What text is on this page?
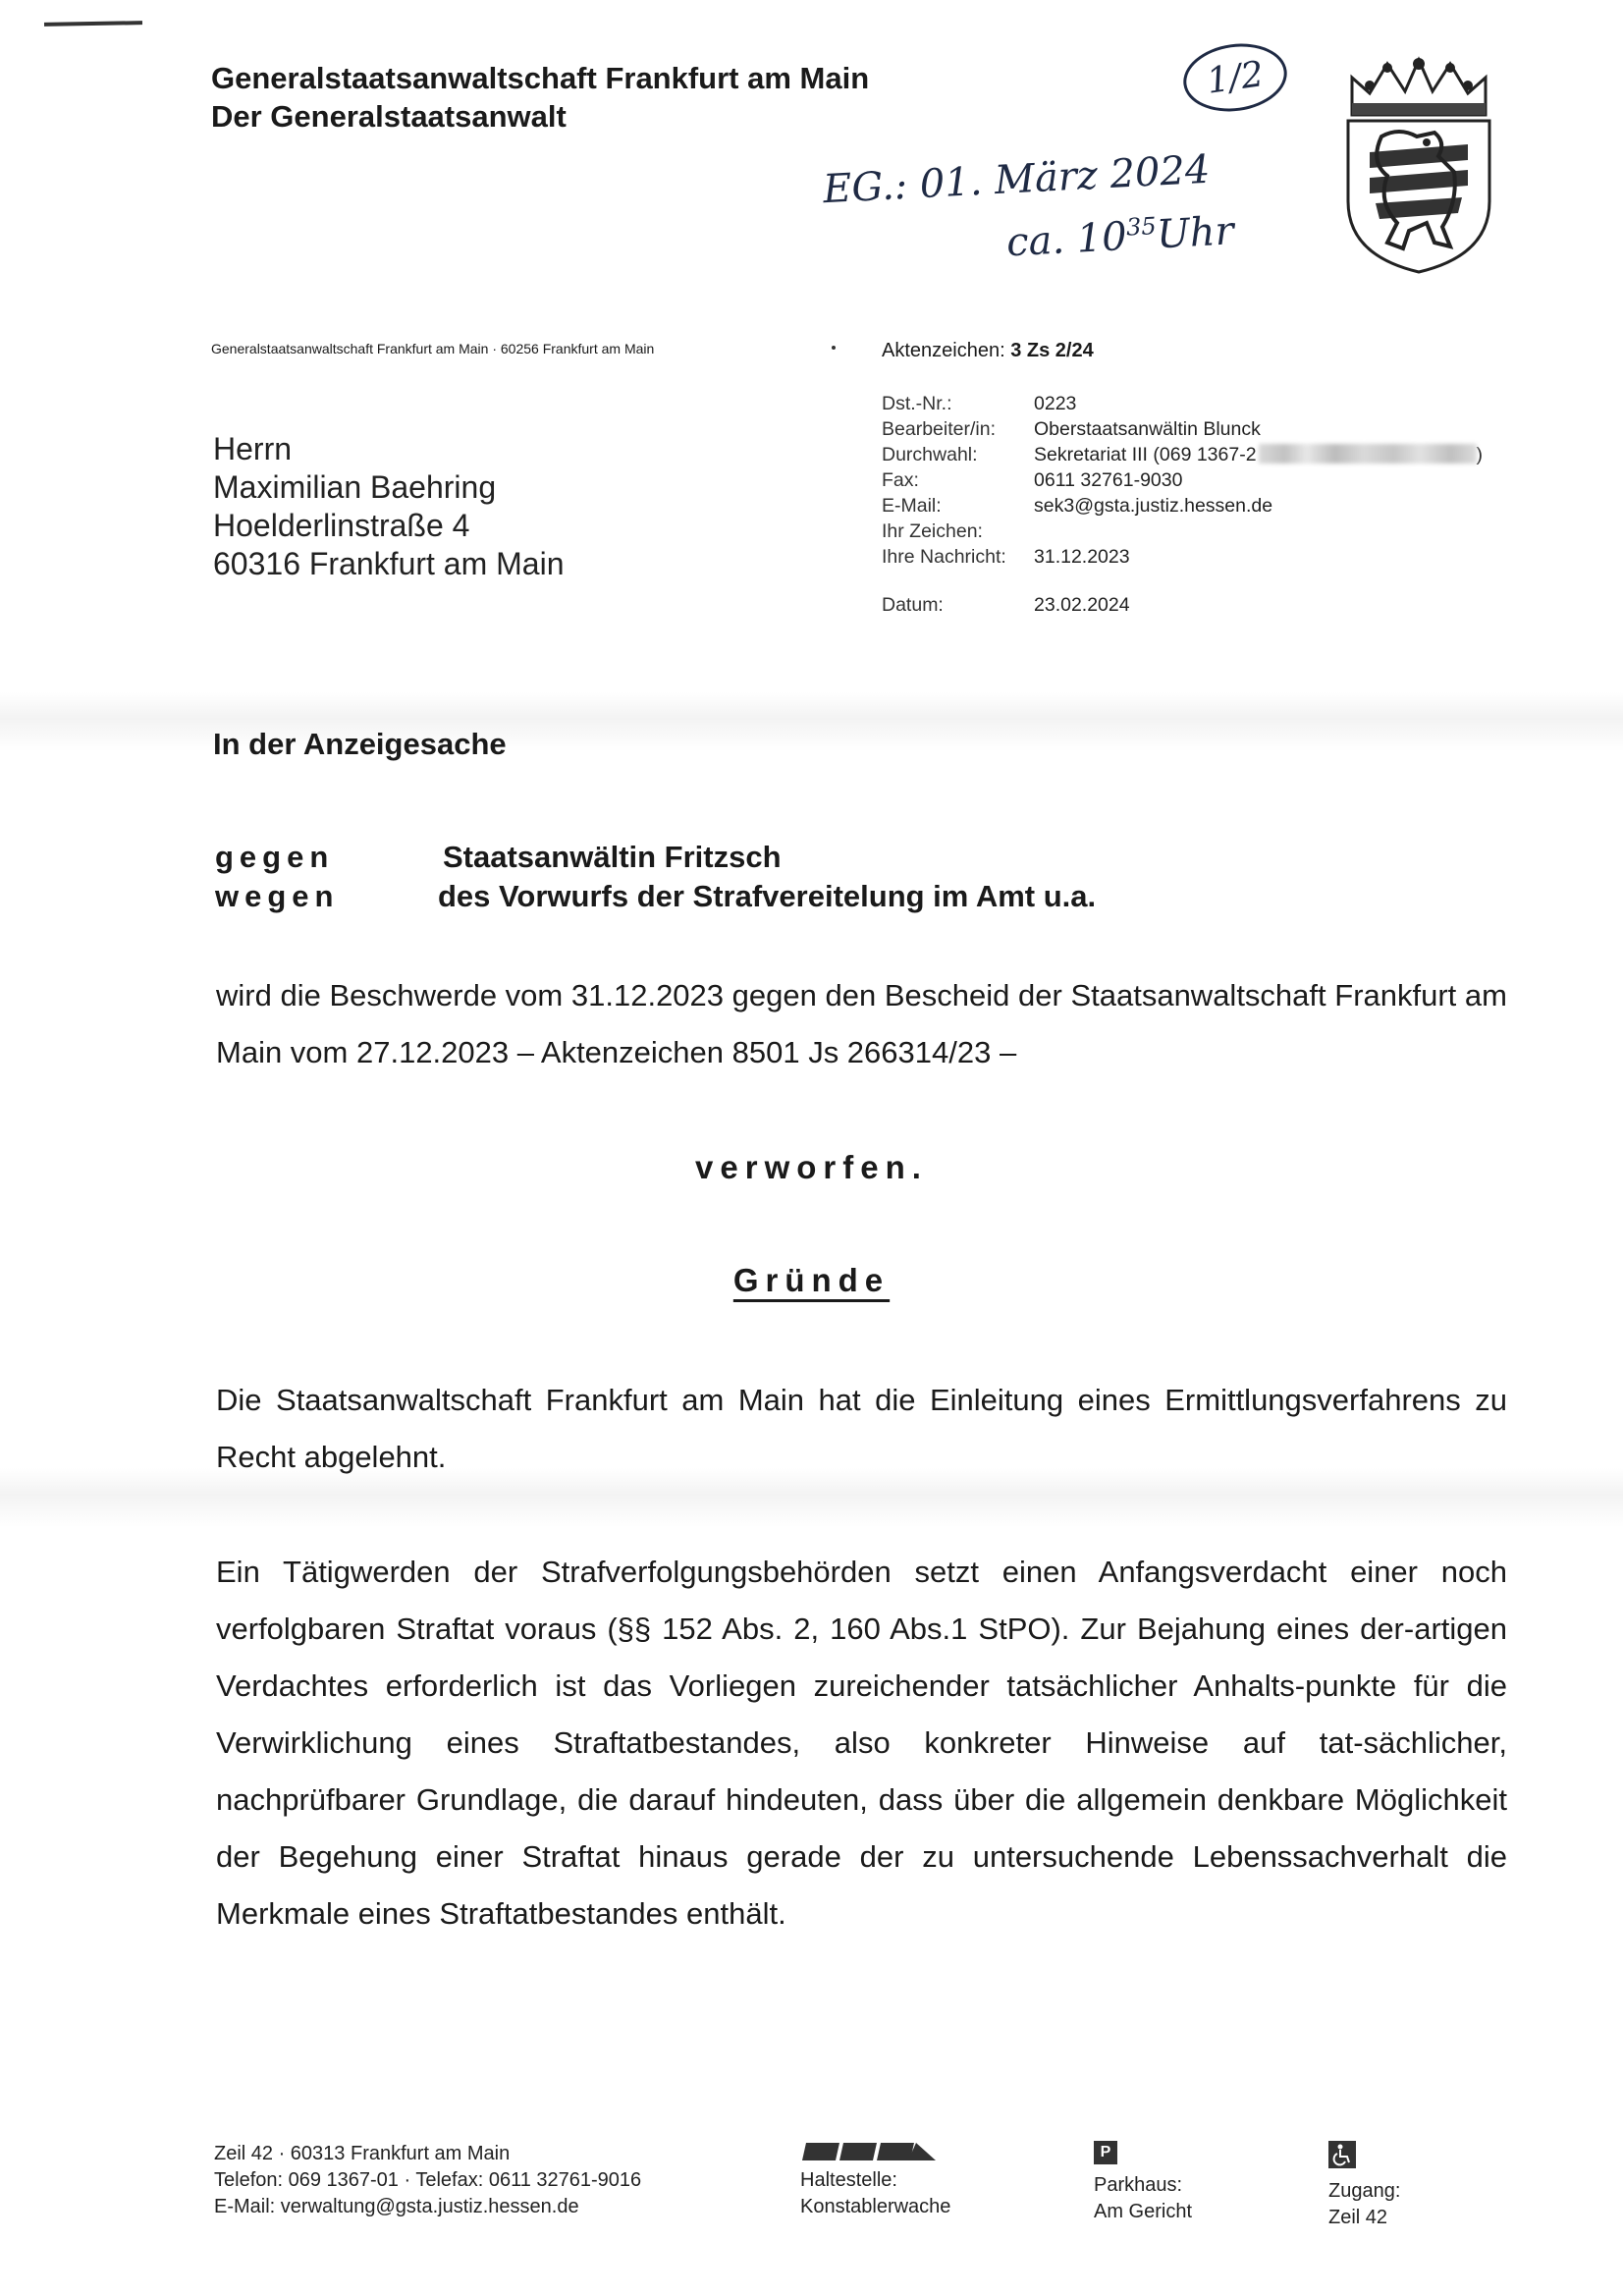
Generalstaatsanwaltschaft Frankfurt am Main
Der Generalstaatsanwalt
1/2
EG.: 01. März 2024
ca. $10^{35}Uhr$
Generalstaatsanwaltschaft Frankfurt am Main · 60256 Frankfurt am Main
Herrn
Maximilian Baehring
Hoelderlinstraße 4
60316 Frankfurt am Main
Aktenzeichen: 3 Zs 2/24
Dst.-Nr.:	0223
Bearbeiter/in:	Oberstaatsanwältin Blunck
Durchwahl:	Sekretariat III (069 1367-2	)
Fax:	0611 32761-9030
E-Mail:	sek3@gsta.justiz.hessen.de
Ihr Zeichen:
Ihre Nachricht:	31.12.2023
Datum:	23.02.2024
In der Anzeigesache
gegen	Staatsanwältin Fritzsch
wegen	des Vorwurfs der Strafvereitelung im Amt u.a.
wird die Beschwerde vom 31.12.2023 gegen den Bescheid der Staatsanwaltschaft Frankfurt am Main vom 27.12.2023 – Aktenzeichen 8501 Js 266314/23 –
verworfen.
Gründe
Die Staatsanwaltschaft Frankfurt am Main hat die Einleitung eines Ermittlungsverfahrens zu Recht abgelehnt.
Ein Tätigwerden der Strafverfolgungsbehörden setzt einen Anfangsverdacht einer noch verfolgbaren Straftat voraus (§§ 152 Abs. 2, 160 Abs.1 StPO). Zur Bejahung eines der-artigen Verdachtes erforderlich ist das Vorliegen zureichender tatsächlicher Anhalts-punkte für die Verwirklichung eines Straftatbestandes, also konkreter Hinweise auf tat-sächlicher, nachprüfbarer Grundlage, die darauf hindeuten, dass über die allgemein denkbare Möglichkeit der Begehung einer Straftat hinaus gerade der zu untersuchende Lebenssachverhalt die Merkmale eines Straftatbestandes enthält.
Zeil 42 · 60313 Frankfurt am Main
Telefon: 069 1367-01 · Telefax: 0611 32761-9016
E-Mail: verwaltung@gsta.justiz.hessen.de
Haltestelle:
Konstablerwache
P
Parkhaus:
Am Gericht
Zugang:
Zeil 42
